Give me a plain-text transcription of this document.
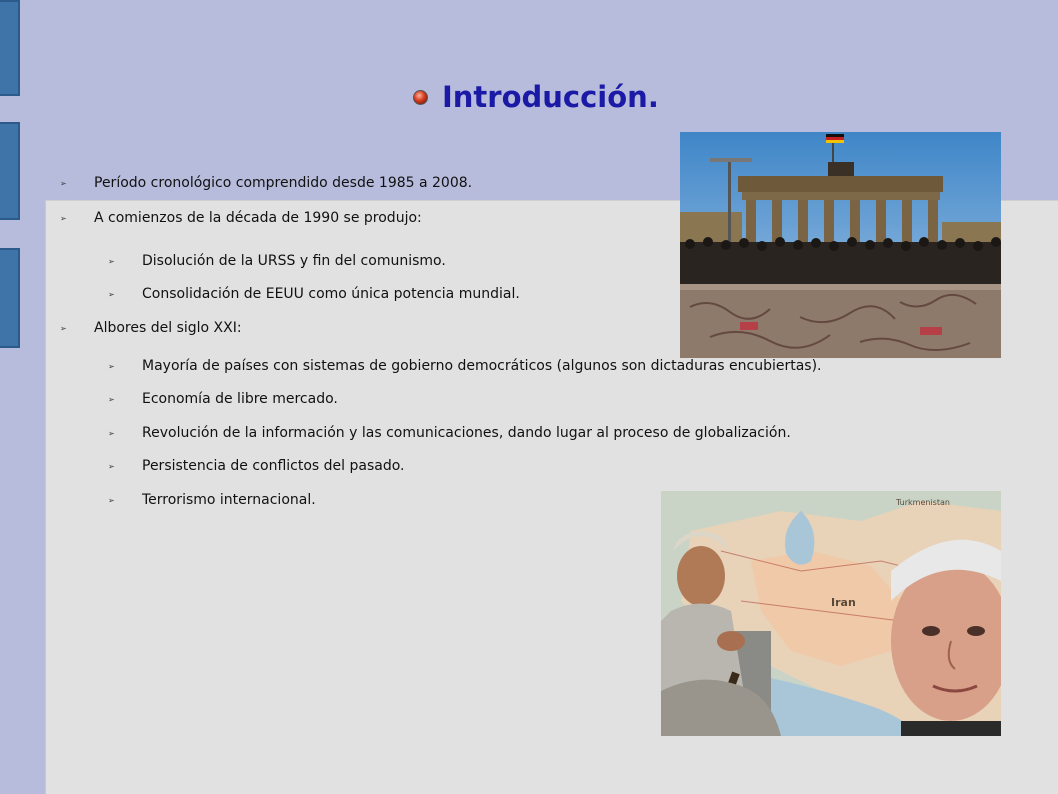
Introducción.
➢	Período cronológico comprendido desde 1985 a 2008.
➢	A comienzos de la década de 1990 se produjo:
➢	Disolución de la URSS y fin del comunismo.
➢	Consolidación de EEUU como única potencia mundial.
➢	Albores del siglo XXI:
➢	Mayoría de países con sistemas de gobierno democráticos (algunos son dictaduras encubiertas).
➢	Economía de libre mercado.
➢	Revolución de la información y las comunicaciones, dando lugar al proceso de globalización.
➢	Persistencia de conflictos del pasado.
➢	Terrorismo internacional.
Iran
Turkmenistan
